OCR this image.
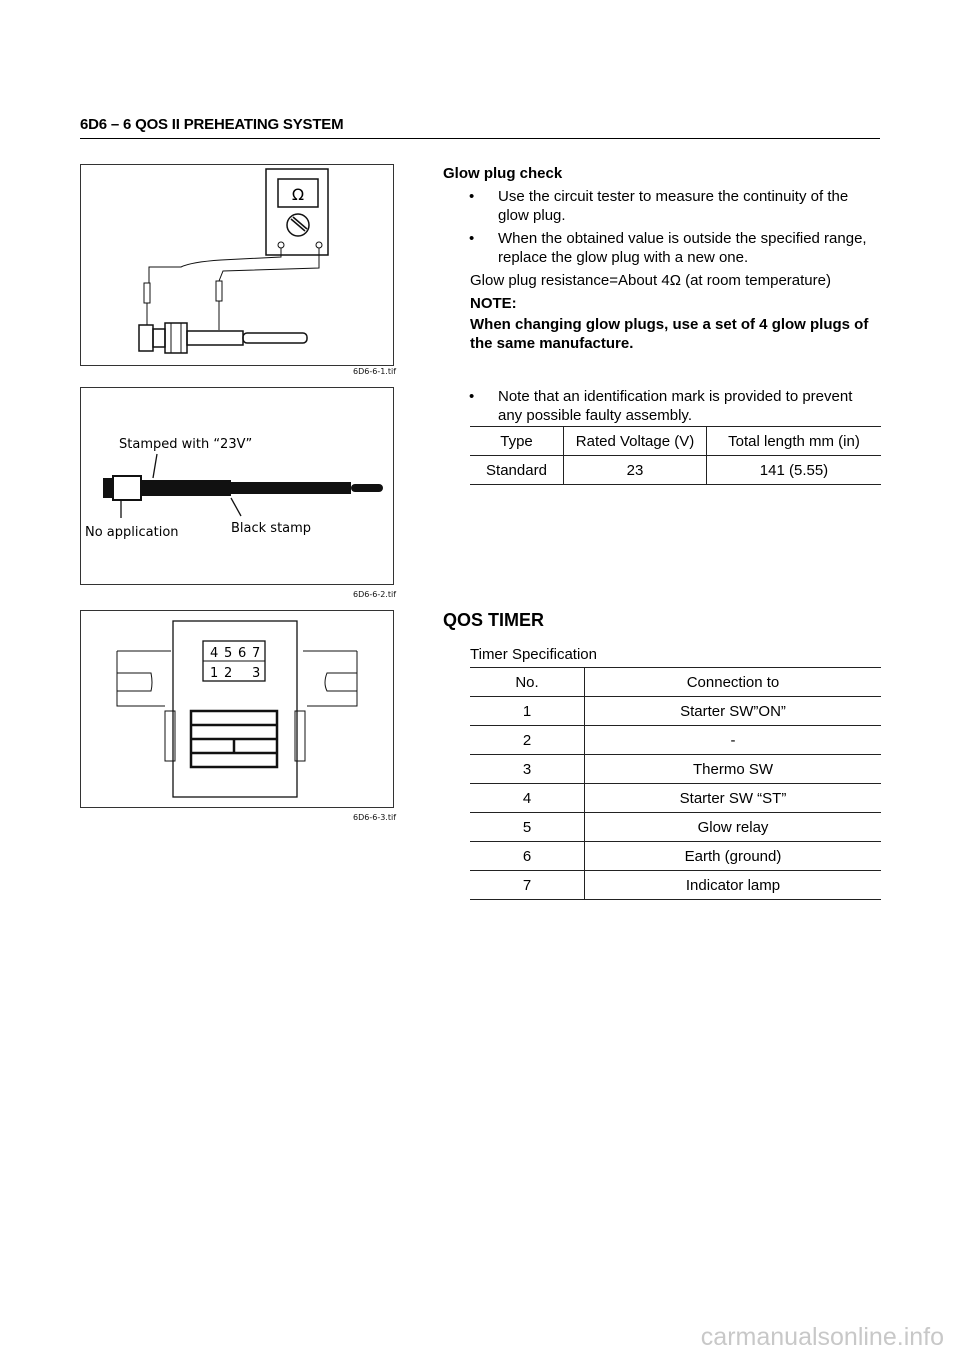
6D6 – 6 QOS II PREHEATING SYSTEM
Ω
6D6-6-1.tif
Stamped with “23V”
No application	Black stamp
6D6-6-2.tif
4 5 6 7
1 2 3
6D6-6-3.tif
Glow plug check
• Use the circuit tester to measure the continuity of the glow plug.
• When the obtained value is outside the specified range, replace the glow plug with a new one.
Glow plug resistance=About 4Ω (at room temperature)
NOTE:
When changing glow plugs, use a set of 4 glow plugs of the same manufacture.
• Note that an identification mark is provided to prevent any possible faulty assembly.
Type	Rated Voltage (V)	Total length mm (in)
Standard	23	141 (5.55)
QOS TIMER
Timer Specification
No.	Connection to
1	Starter SW”ON”
2	-
3	Thermo SW
4	Starter SW “ST”
5	Glow relay
6	Earth (ground)
7	Indicator lamp
carmanualsonline.info
